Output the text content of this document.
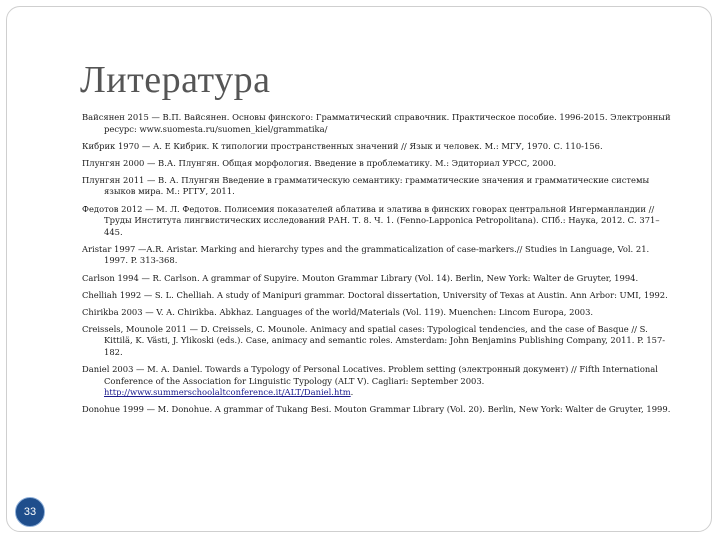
Литература
Вайсянен 2015 — В.П. Вайсянен. Основы финского: Грамматический справочник. Практическое пособие. 1996-2015. Электронный ресурс: www.suomesta.ru/suomen_kiel/grammatika/
Кибрик 1970 — А. Е Кибрик. К типологии пространственных значений // Язык и человек. М.: МГУ, 1970. С. 110-156.
Плунгян 2000 — В.А. Плунгян. Общая морфология. Введение в проблематику. М.: Эдиториал УРСС, 2000.
Плунгян 2011 — В. А. Плунгян Введение в грамматическую семантику: грамматические значения и грамматические системы языков мира. М.: РГГУ, 2011.
Федотов 2012 — М. Л. Федотов. Полисемия показателей аблатива и элатива в финских говорах центральной Ингерманландии // Труды Института лингвистических исследований РАН. Т. 8. Ч. 1. (Fenno-Lapponica Petropolitana). СПб.: Наука, 2012. С. 371–445.
Aristar 1997 —A.R. Aristar. Marking and hierarchy types and the grammaticalization of case-markers.// Studies in Language, Vol. 21. 1997. P. 313-368.
Carlson 1994 — R. Carlson. A grammar of Supyire. Mouton Grammar Library (Vol. 14). Berlin, New York: Walter de Gruyter, 1994.
Chelliah 1992 — S. L. Chelliah. A study of Manipuri grammar. Doctoral dissertation, University of Texas at Austin. Ann Arbor: UMI, 1992.
Chirikba 2003 — V. A. Chirikba. Abkhaz. Languages of the world/Materials (Vol. 119). Muenchen: Lincom Europa, 2003.
Creissels, Mounole 2011 — D. Creissels, C. Mounole. Animacy and spatial cases: Typological tendencies, and the case of Basque // S. Kittilä, K. Västi, J. Ylikoski (eds.). Case, animacy and semantic roles. Amsterdam: John Benjamins Publishing Company, 2011. P. 157-182.
Daniel 2003 — M. A. Daniel. Towards a Typology of Personal Locatives. Problem setting (электронный документ) // Fifth International Conference of the Association for Linguistic Typology (ALT V). Cagliari: September 2003. http://www.summerschoolaltconference.it/ALT/Daniel.htm.
Donohue 1999 — M. Donohue. A grammar of Tukang Besi. Mouton Grammar Library (Vol. 20). Berlin, New York: Walter de Gruyter, 1999.
33
